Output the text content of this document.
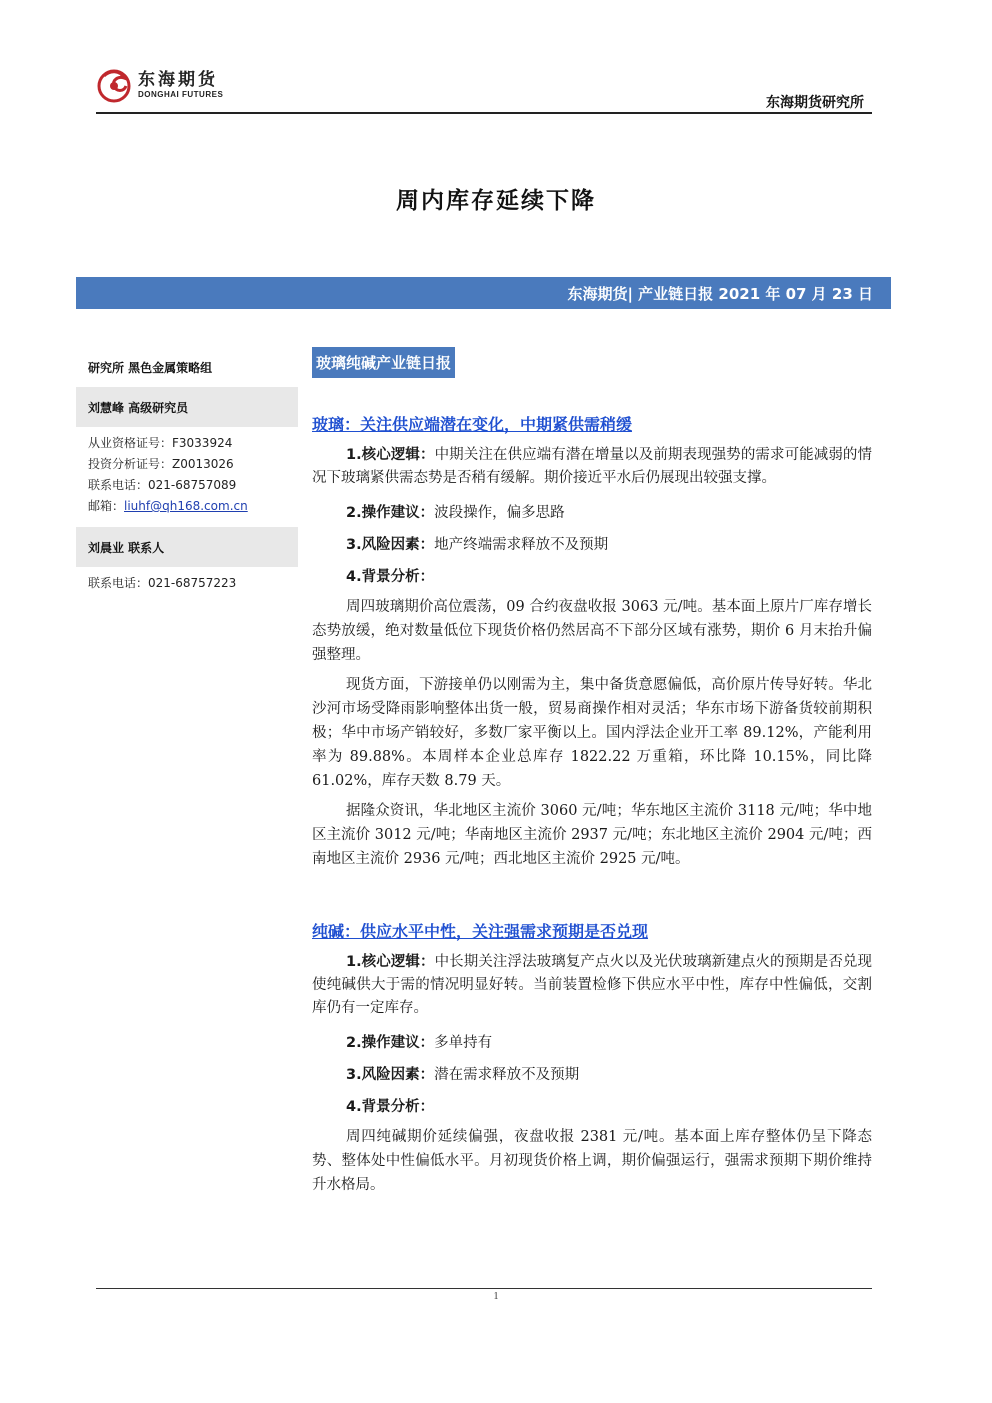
东海期货
DONGHAI FUTURES
东海期货研究所
周内库存延续下降
东海期货| 产业链日报 2021 年 07 月 23 日
研究所 黑色金属策略组
刘慧峰 高级研究员
从业资格证号：F3033924
投资分析证号：Z0013026
联系电话：021-68757089
邮箱：liuhf@qh168.com.cn
刘晨业 联系人
联系电话：021-68757223
玻璃纯碱产业链日报
玻璃：关注供应端潜在变化，中期紧供需稍缓
1.核心逻辑：中期关注在供应端有潜在增量以及前期表现强势的需求可能减弱的情况下玻璃紧供需态势是否稍有缓解。期价接近平水后仍展现出较强支撑。
2.操作建议：波段操作，偏多思路
3.风险因素：地产终端需求释放不及预期
4.背景分析：
周四玻璃期价高位震荡，09 合约夜盘收报 3063 元/吨。基本面上原片厂库存增长态势放缓，绝对数量低位下现货价格仍然居高不下部分区域有涨势，期价 6 月末抬升偏强整理。
现货方面，下游接单仍以刚需为主，集中备货意愿偏低，高价原片传导好转。华北沙河市场受降雨影响整体出货一般，贸易商操作相对灵活；华东市场下游备货较前期积极；华中市场产销较好，多数厂家平衡以上。国内浮法企业开工率 89.12%，产能利用率为 89.88%。本周样本企业总库存 1822.22 万重箱，环比降 10.15%，同比降 61.02%，库存天数 8.79 天。
据隆众资讯，华北地区主流价 3060 元/吨；华东地区主流价 3118 元/吨；华中地区主流价 3012 元/吨；华南地区主流价 2937 元/吨；东北地区主流价 2904 元/吨；西南地区主流价 2936 元/吨；西北地区主流价 2925 元/吨。
纯碱：供应水平中性，关注强需求预期是否兑现
1.核心逻辑：中长期关注浮法玻璃复产点火以及光伏玻璃新建点火的预期是否兑现使纯碱供大于需的情况明显好转。当前装置检修下供应水平中性，库存中性偏低，交割库仍有一定库存。
2.操作建议：多单持有
3.风险因素：潜在需求释放不及预期
4.背景分析：
周四纯碱期价延续偏强，夜盘收报 2381 元/吨。基本面上库存整体仍呈下降态势、整体处中性偏低水平。月初现货价格上调，期价偏强运行，强需求预期下期价维持升水格局。
1
